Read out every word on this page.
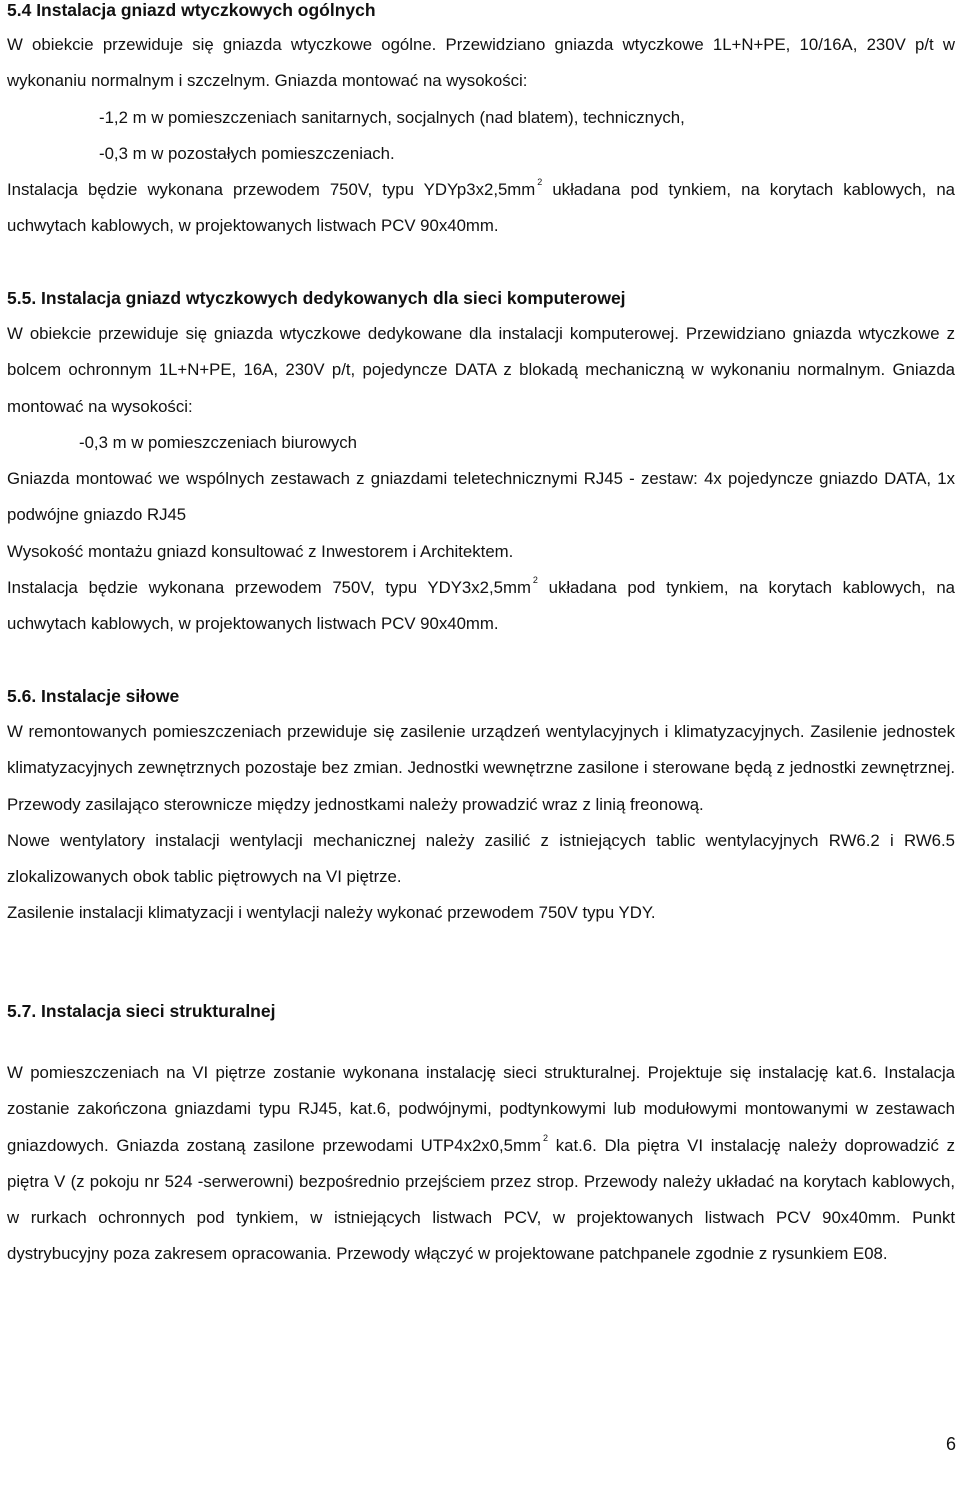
5.4 Instalacja gniazd wtyczkowych ogólnych

W obiekcie przewiduje się gniazda wtyczkowe ogólne. Przewidziano gniazda wtyczkowe 1L+N+PE, 10/16A, 230V p/t w wykonaniu normalnym i szczelnym. Gniazda montować na wysokości:

-1,2 m w pomieszczeniach sanitarnych, socjalnych (nad blatem), technicznych,

-0,3 m w pozostałych pomieszczeniach.

Instalacja będzie wykonana przewodem 750V, typu YDYp3x2,5mm $^2$ układana pod tynkiem, na korytach kablowych, na uchwytach kablowych, w projektowanych listwach PCV 90x40mm.

5.5. Instalacja gniazd wtyczkowych dedykowanych dla sieci komputerowej

W obiekcie przewiduje się gniazda wtyczkowe dedykowane dla instalacji komputerowej. Przewidziano gniazda wtyczkowe z bolcem ochronnym 1L+N+PE, 16A, 230V p/t, pojedyncze DATA z blokadą mechaniczną w wykonaniu normalnym. Gniazda montować na wysokości:

-0,3 m w pomieszczeniach biurowych

Gniazda montować we wspólnych zestawach z gniazdami teletechnicznymi RJ45 - zestaw: 4x pojedyncze gniazdo DATA, 1x podwójne gniazdo RJ45

Wysokość montażu gniazd konsultować z Inwestorem i Architektem.

Instalacja będzie wykonana przewodem 750V, typu YDY3x2,5mm $^2$ układana pod tynkiem, na korytach kablowych, na uchwytach kablowych, w projektowanych listwach PCV 90x40mm.

5.6. Instalacje siłowe

W remontowanych pomieszczeniach przewiduje się zasilenie urządzeń wentylacyjnych i klimatyzacyjnych. Zasilenie jednostek klimatyzacyjnych zewnętrznych pozostaje bez zmian. Jednostki wewnętrzne zasilone i sterowane będą z jednostki zewnętrznej. Przewody zasilająco sterownicze między jednostkami należy prowadzić wraz z linią freonową.

Nowe wentylatory instalacji wentylacji mechanicznej należy zasilić z istniejących tablic wentylacyjnych RW6.2 i RW6.5 zlokalizowanych obok tablic piętrowych na VI piętrze.

Zasilenie instalacji klimatyzacji i wentylacji należy wykonać przewodem 750V typu YDY.

5.7. Instalacja sieci strukturalnej

W pomieszczeniach na VI piętrze zostanie wykonana instalację sieci strukturalnej. Projektuje się instalację kat.6. Instalacja zostanie zakończona gniazdami typu RJ45, kat.6, podwójnymi, podtynkowymi lub modułowymi montowanymi w zestawach gniazdowych. Gniazda zostaną zasilone przewodami UTP4x2x0,5mm $^2$ kat.6. Dla piętra VI instalację należy doprowadzić z piętra V (z pokoju nr 524 -serwerowni) bezpośrednio przejściem przez strop. Przewody należy układać na korytach kablowych, w rurkach ochronnych pod tynkiem, w istniejących listwach PCV, w projektowanych listwach PCV 90x40mm. Punkt dystrybucyjny poza zakresem opracowania. Przewody włączyć w projektowane patchpanele zgodnie z rysunkiem E08.

6
